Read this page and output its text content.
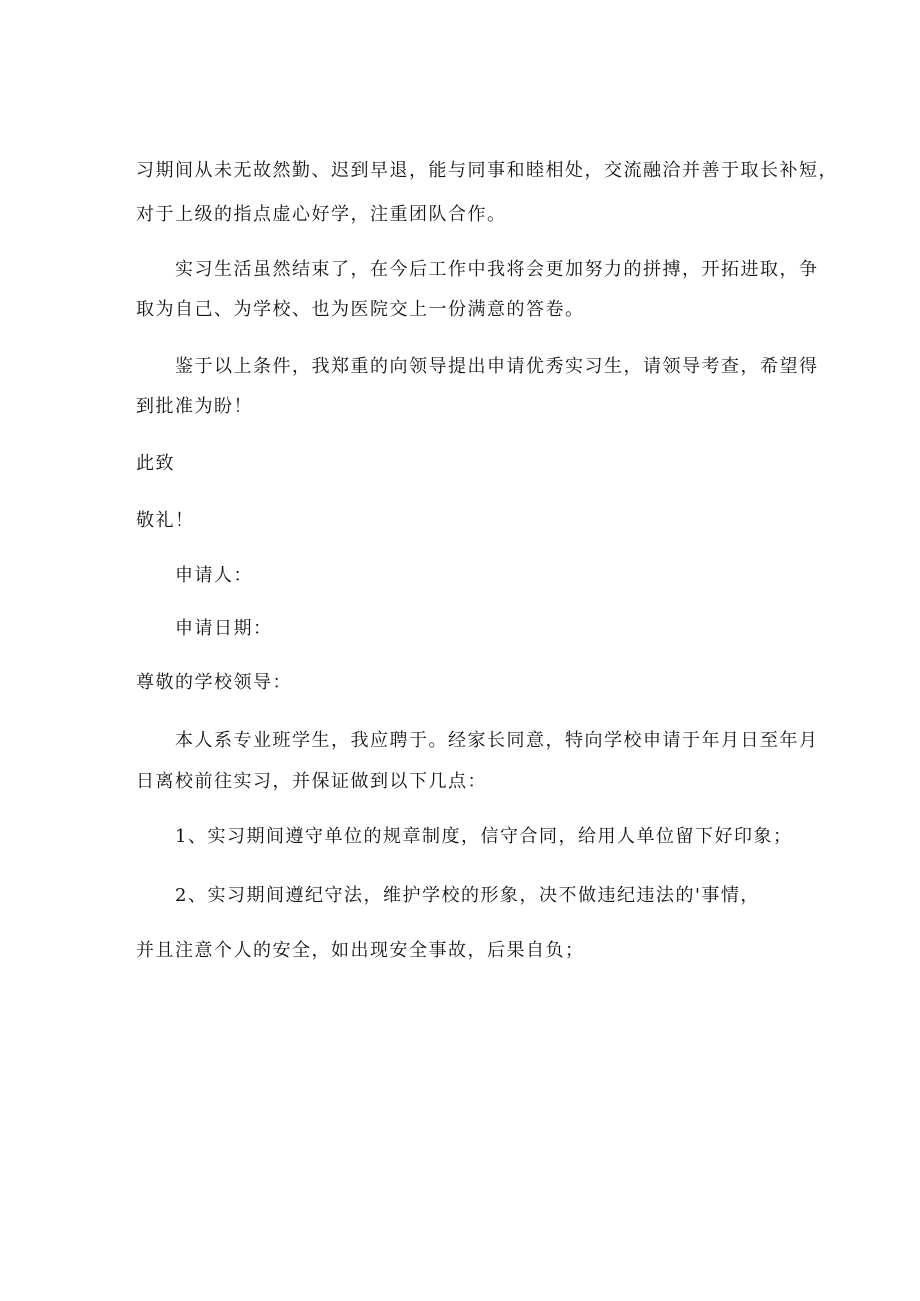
习期间从未无故然勤、迟到早退，能与同事和睦相处，交流融洽并善于取长补短，
对于上级的指点虚心好学，注重团队合作。
实习生活虽然结束了，在今后工作中我将会更加努力的拼搏，开拓进取，争
取为自己、为学校、也为医院交上一份满意的答卷。
鉴于以上条件，我郑重的向领导提出申请优秀实习生，请领导考查，希望得
到批准为盼！
此致
敬礼！
申请人：
申请日期：
尊敬的学校领导：
本人系专业班学生，我应聘于。经家长同意，特向学校申请于年月日至年月
日离校前往实习，并保证做到以下几点：
1、实习期间遵守单位的规章制度，信守合同，给用人单位留下好印象；
2、实习期间遵纪守法，维护学校的形象，决不做违纪违法的'事情，
并且注意个人的安全，如出现安全事故，后果自负；
